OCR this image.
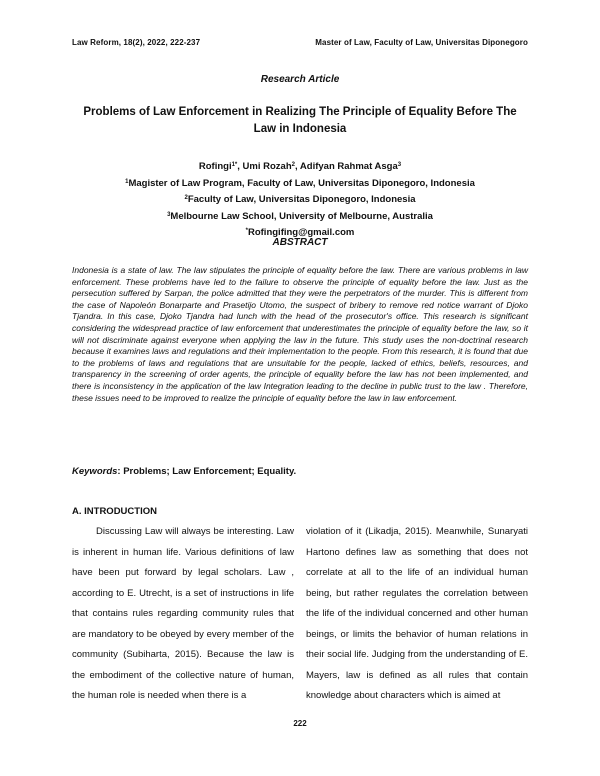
Law Reform, 18(2), 2022, 222-237	Master of Law, Faculty of Law, Universitas Diponegoro
Research Article
Problems of Law Enforcement in Realizing The Principle of Equality Before The Law in Indonesia
Rofingi$^{1*}$, Umi Rozah$^2$, Adifyan Rahmat Asga$^3$
$^1$Magister of Law Program, Faculty of Law, Universitas Diponegoro, Indonesia
$^2$Faculty of Law, Universitas Diponegoro, Indonesia
$^3$Melbourne Law School, University of Melbourne, Australia
*Rofingifing@gmail.com
ABSTRACT

Indonesia is a state of law. The law stipulates the principle of equality before the law. There are various problems in law enforcement. These problems have led to the failure to observe the principle of equality before the law. Just as the persecution suffered by Sarpan, the police admitted that they were the perpetrators of the murder. This is different from the case of Napoleón Bonarparte and Prasetijo Utomo, the suspect of bribery to remove red notice warrant of Djoko Tjandra. In this case, Djoko Tjandra had lunch with the head of the prosecutor's office. This research is significant considering the widespread practice of law enforcement that underestimates the principle of equality before the law, so it will not discriminate against everyone when applying the law in the future. This study uses the non-doctrinal research because it examines laws and regulations and their implementation to the people. From this research, it is found that due to the problems of laws and regulations that are unsuitable for the people, lacked of ethics, beliefs, resources, and transparency in the screening of order agents, the principle of equality before the law has not been implemented, and there is inconsistency in the application of the law Integration leading to the decline in public trust to the law . Therefore, these issues need to be improved to realize the principle of equality before the law in law enforcement.

Keywords: Problems; Law Enforcement; Equality.
A. INTRODUCTION

Discussing Law will always be interesting. Law is inherent in human life. Various definitions of law have been put forward by legal scholars. Law , according to E. Utrecht, is a set of instructions in life that contains rules regarding community rules that are mandatory to be obeyed by every member of the community (Subiharta, 2015). Because the law is the embodiment of the collective nature of human, the human role is needed when there is a

violation of it (Likadja, 2015). Meanwhile, Sunaryati Hartono defines law as something that does not correlate at all to the life of an individual human being, but rather regulates the correlation between the life of the individual concerned and other human beings, or limits the behavior of human relations in their social life. Judging from the understanding of E. Mayers, law is defined as all rules that contain knowledge about characters which is aimed at

222
